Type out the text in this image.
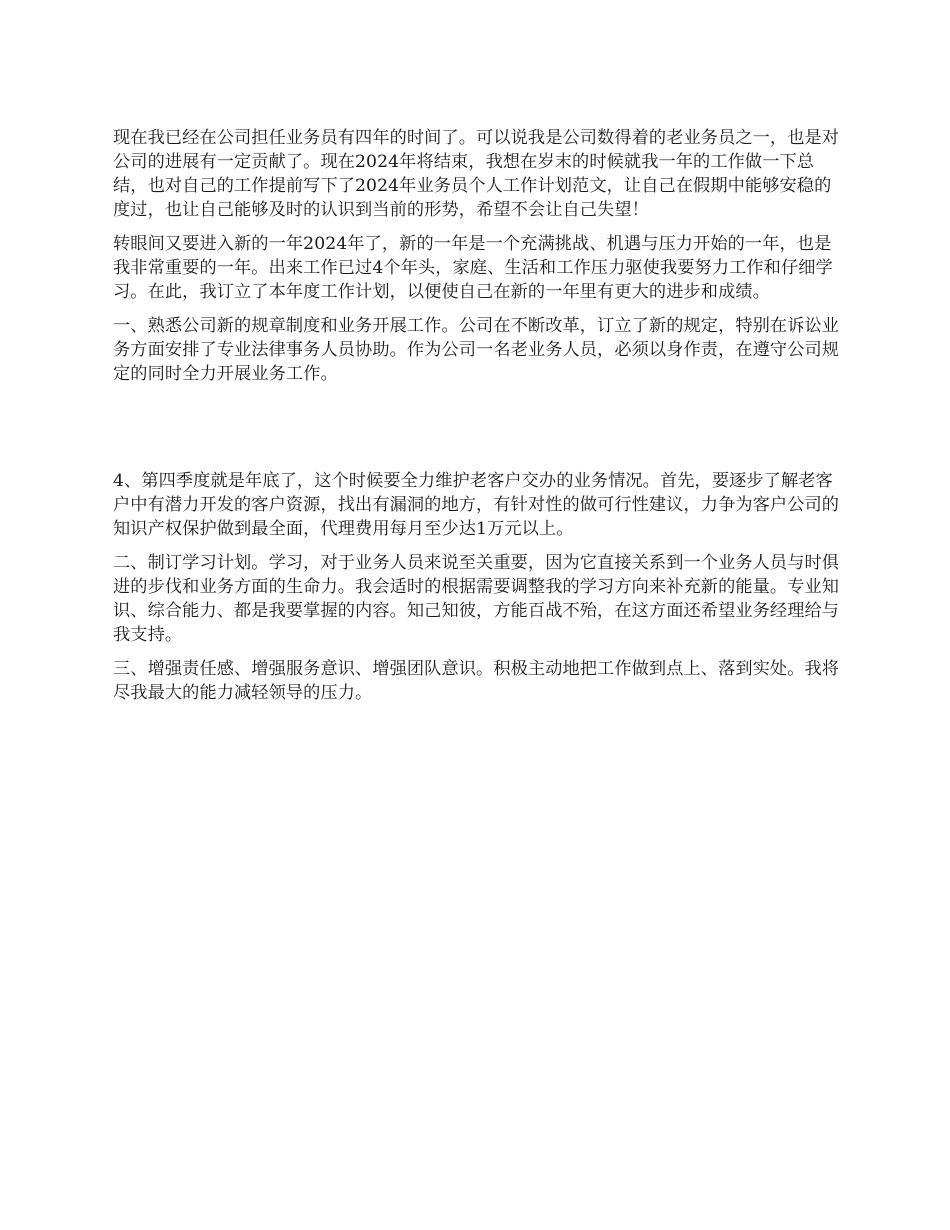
现在我已经在公司担任业务员有四年的时间了。可以说我是公司数得着的老业务员之一，也是对公司的进展有一定贡献了。现在2024年将结束，我想在岁末的时候就我一年的工作做一下总结，也对自己的工作提前写下了2024年业务员个人工作计划范文，让自己在假期中能够安稳的度过，也让自己能够及时的认识到当前的形势，希望不会让自己失望！

转眼间又要进入新的一年2024年了，新的一年是一个充满挑战、机遇与压力开始的一年，也是我非常重要的一年。出来工作已过4个年头，家庭、生活和工作压力驱使我要努力工作和仔细学习。在此，我订立了本年度工作计划，以便使自己在新的一年里有更大的进步和成绩。

一、熟悉公司新的规章制度和业务开展工作。公司在不断改革，订立了新的规定，特别在诉讼业务方面安排了专业法律事务人员协助。作为公司一名老业务人员，必须以身作责，在遵守公司规定的同时全力开展业务工作。

4、第四季度就是年底了，这个时候要全力维护老客户交办的业务情况。首先，要逐步了解老客户中有潜力开发的客户资源，找出有漏洞的地方，有针对性的做可行性建议，力争为客户公司的知识产权保护做到最全面，代理费用每月至少达1万元以上。

二、制订学习计划。学习，对于业务人员来说至关重要，因为它直接关系到一个业务人员与时俱进的步伐和业务方面的生命力。我会适时的根据需要调整我的学习方向来补充新的能量。专业知识、综合能力、都是我要掌握的内容。知己知彼，方能百战不殆，在这方面还希望业务经理给与我支持。

三、增强责任感、增强服务意识、增强团队意识。积极主动地把工作做到点上、落到实处。我将尽我最大的能力减轻领导的压力。
